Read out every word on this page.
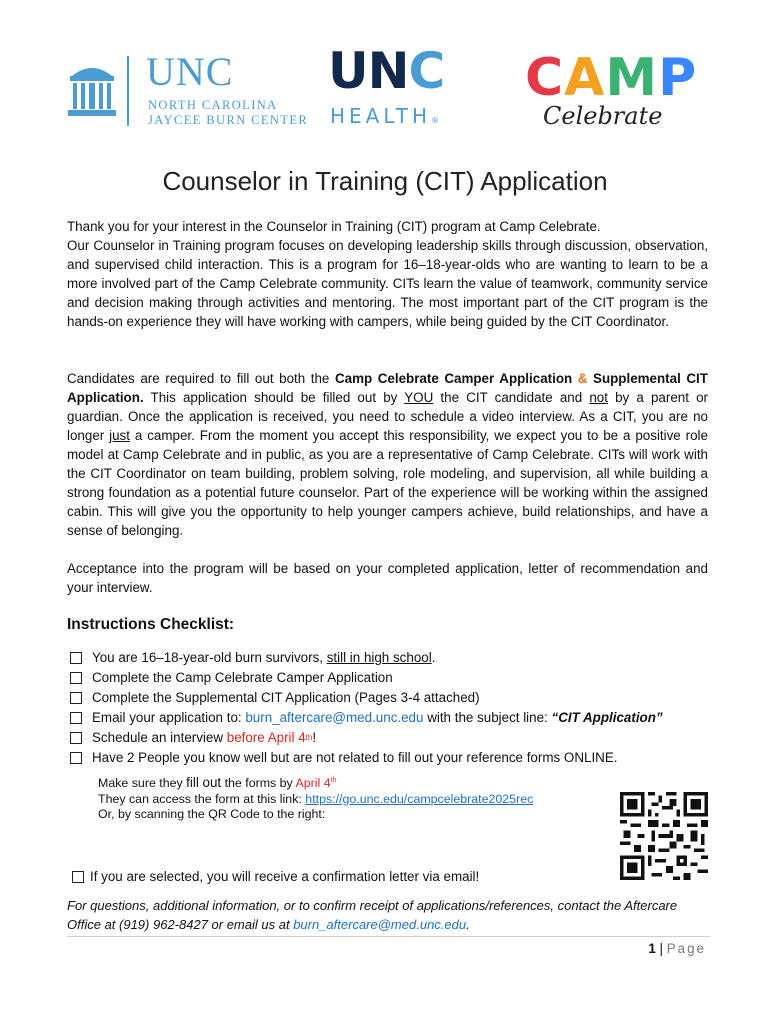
UNC
NORTH CAROLINA
JAYCEE BURN CENTER
UNC
HEALTH®
CAMP
Celebrate
Counselor in Training (CIT) Application

Thank you for your interest in the Counselor in Training (CIT) program at Camp Celebrate.
Our Counselor in Training program focuses on developing leadership skills through discussion, observation, and supervised child interaction. This is a program for 16–18-year-olds who are wanting to learn to be a more involved part of the Camp Celebrate community. CITs learn the value of teamwork, community service and decision making through activities and mentoring. The most important part of the CIT program is the hands-on experience they will have working with campers, while being guided by the CIT Coordinator.

Candidates are required to fill out both the Camp Celebrate Camper Application & Supplemental CIT Application. This application should be filled out by YOU the CIT candidate and not by a parent or guardian. Once the application is received, you need to schedule a video interview. As a CIT, you are no longer just a camper. From the moment you accept this responsibility, we expect you to be a positive role model at Camp Celebrate and in public, as you are a representative of Camp Celebrate. CITs will work with the CIT Coordinator on team building, problem solving, role modeling, and supervision, all while building a strong foundation as a potential future counselor. Part of the experience will be working within the assigned cabin. This will give you the opportunity to help younger campers achieve, build relationships, and have a sense of belonging.

Acceptance into the program will be based on your completed application, letter of recommendation and your interview.

Instructions Checklist:
You are 16–18-year-old burn survivors,
still in high school .
Complete the Camp Celebrate Camper Application
Complete the Supplemental CIT Application (Pages 3-4 attached)
Email your application to:
burn_aftercare@med.unc.edu
with the subject line:
“CIT Application”
Schedule an interview
before April 4 th !
Have 2 People you know well but are not related to fill out your reference forms
ONLINE.
Make sure they fill out the forms by April 4th
They can access the form at this link: https://go.unc.edu/campcelebrate2025rec
Or, by scanning the QR Code to the right:
If you are selected, you will receive a confirmation letter via email!
For questions, additional information, or to confirm receipt of applications/references, contact the Aftercare Office at (919) 962-8427 or email us at burn_aftercare@med.unc.edu.
1 | Page
